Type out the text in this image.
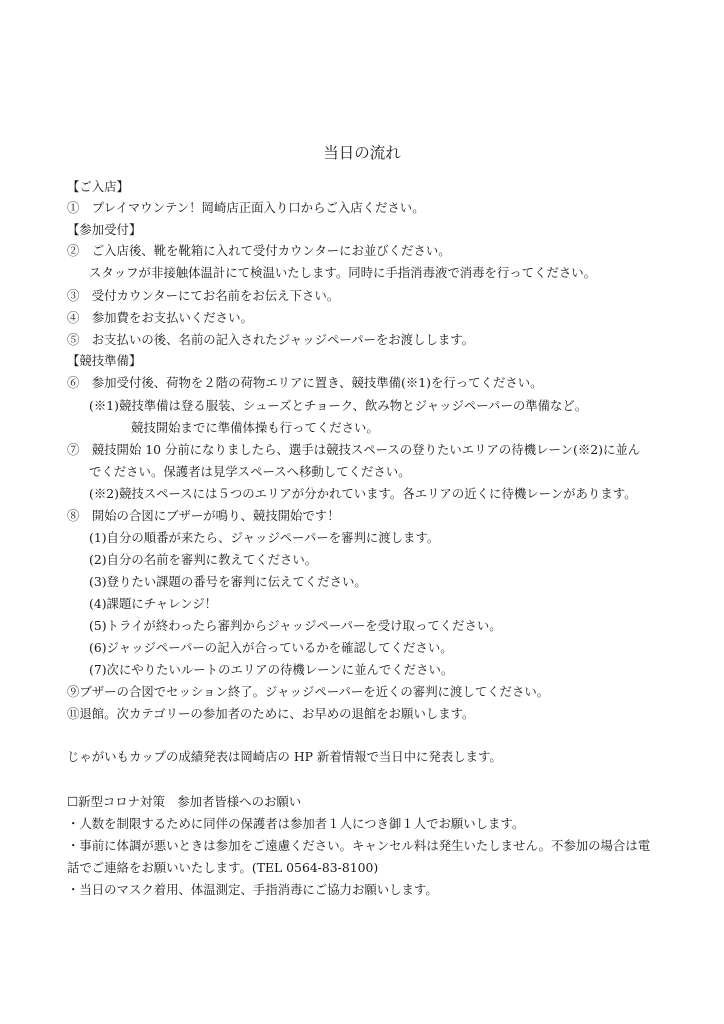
当日の流れ
【ご入店】
①　プレイマウンテン！岡崎店正面入り口からご入店ください。
【参加受付】
②　ご入店後、靴を靴箱に入れて受付カウンターにお並びください。
スタッフが非接触体温計にて検温いたします。同時に手指消毒液で消毒を行ってください。
③　受付カウンターにてお名前をお伝え下さい。
④　参加費をお支払いください。
⑤　お支払いの後、名前の記入されたジャッジペーパーをお渡しします。
【競技準備】
⑥　参加受付後、荷物を２階の荷物エリアに置き、競技準備(※1)を行ってください。
(※1)競技準備は登る服装、シューズとチョーク、飲み物とジャッジペーパーの準備など。
競技開始までに準備体操も行ってください。
⑦　競技開始 10 分前になりましたら、選手は競技スペースの登りたいエリアの待機レーン(※2)に並ん
でください。保護者は見学スペースへ移動してください。
(※2)競技スペースには５つのエリアが分かれています。各エリアの近くに待機レーンがあります。
⑧　開始の合図にブザーが鳴り、競技開始です！
(1)自分の順番が来たら、ジャッジペーパーを審判に渡します。
(2)自分の名前を審判に教えてください。
(3)登りたい課題の番号を審判に伝えてください。
(4)課題にチャレンジ！
(5)トライが終わったら審判からジャッジペーパーを受け取ってください。
(6)ジャッジペーパーの記入が合っているかを確認してください。
(7)次にやりたいルートのエリアの待機レーンに並んでください。
⑨ブザーの合図でセッション終了。ジャッジペーパーを近くの審判に渡してください。
⑪退館。次カテゴリーの参加者のために、お早めの退館をお願いします。
じゃがいもカップの成績発表は岡崎店の HP 新着情報で当日中に発表します。
☐新型コロナ対策　参加者皆様へのお願い
・人数を制限するために同伴の保護者は参加者１人につき御１人でお願いします。
・事前に体調が悪いときは参加をご遠慮ください。キャンセル料は発生いたしません。不参加の場合は電
話でご連絡をお願いいたします。(TEL 0564-83-8100)
・当日のマスク着用、体温測定、手指消毒にご協力お願いします。
